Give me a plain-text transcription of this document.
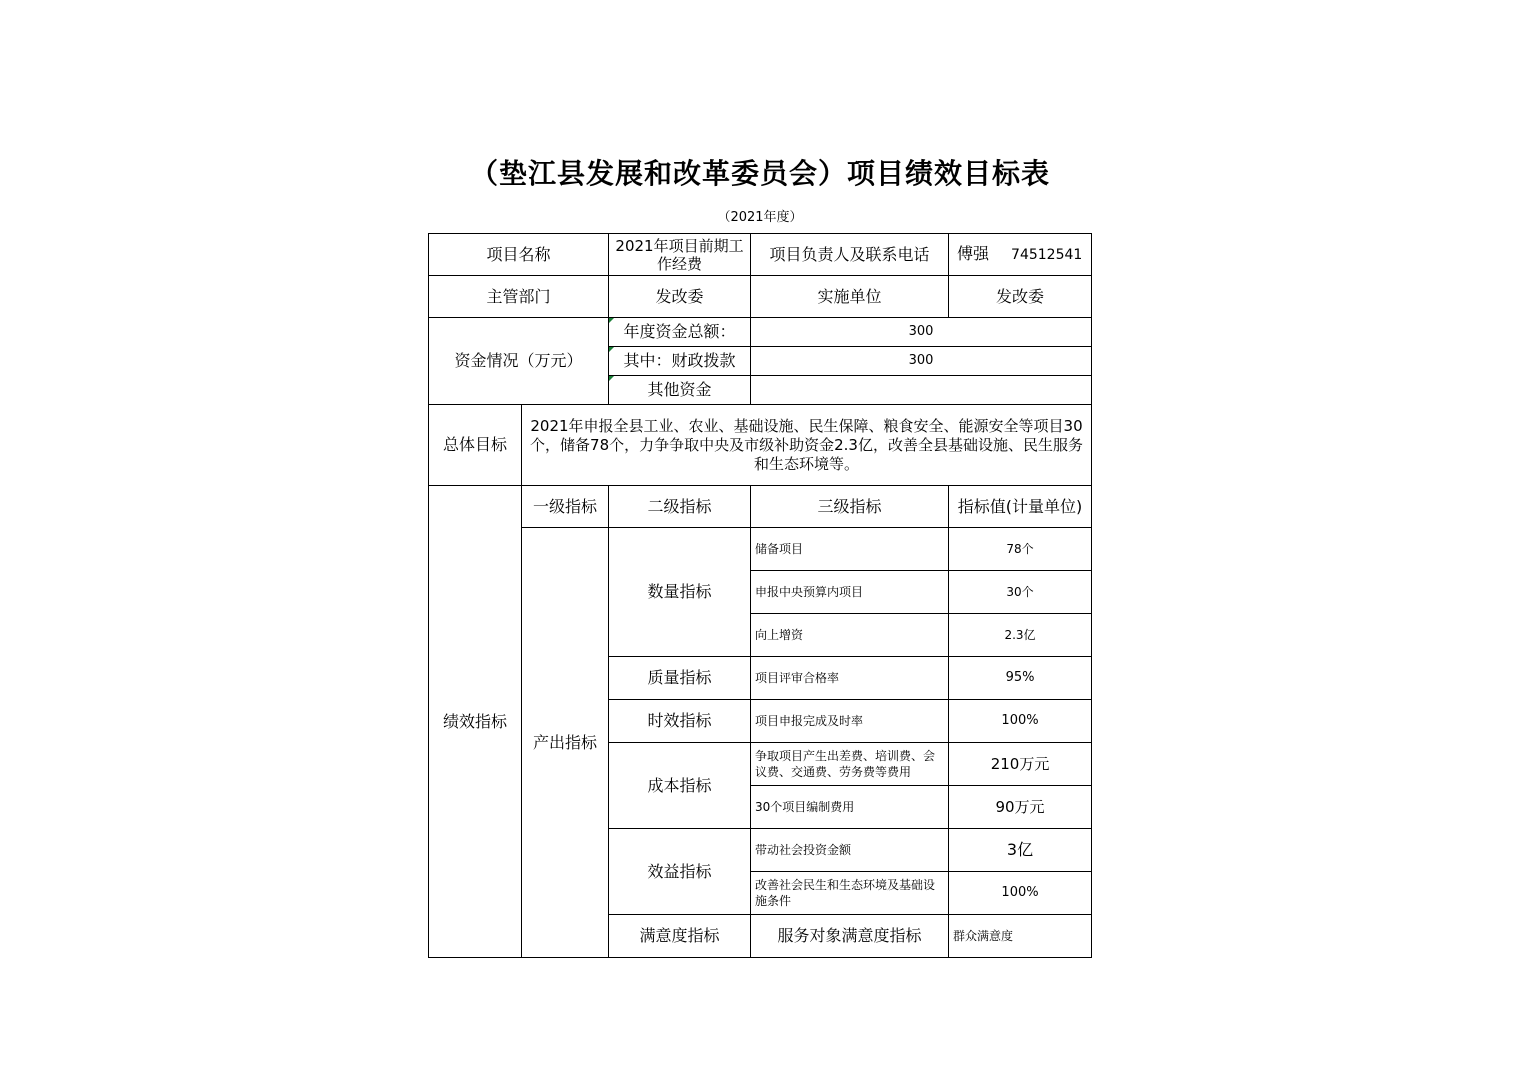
（垫江县发展和改革委员会）项目绩效目标表
（2021年度）
项目名称		2021年项目前期工作经费	项目负责人及联系电话	傅强 74512541	
主管部门		发改委	实施单位	发改委	
资金情况（万元）		年度资金总额：	300		
		其中：财政拨款	300		
		其他资金			
总体目标	2021年申报全县工业、农业、基础设施、民生保障、粮食安全、能源安全等项目30个，储备78个，力争争取中央及市级补助资金2.3亿，改善全县基础设施、民生服务和生态环境等。				
绩效指标	一级指标	二级指标	三级指标	指标值(计量单位)	
	产出指标	数量指标	储备项目	78个	
			申报中央预算内项目	30个	
			向上增资	2.3亿	
		质量指标	项目评审合格率	95%	
		时效指标	项目申报完成及时率	100%	
		成本指标	争取项目产生出差费、培训费、会议费、交通费、劳务费等费用	210万元	
			30个项目编制费用	90万元	
		效益指标	带动社会投资金额	3亿	
			改善社会民生和生态环境及基础设施条件	100%	
		满意度指标	服务对象满意度指标	群众满意度	
